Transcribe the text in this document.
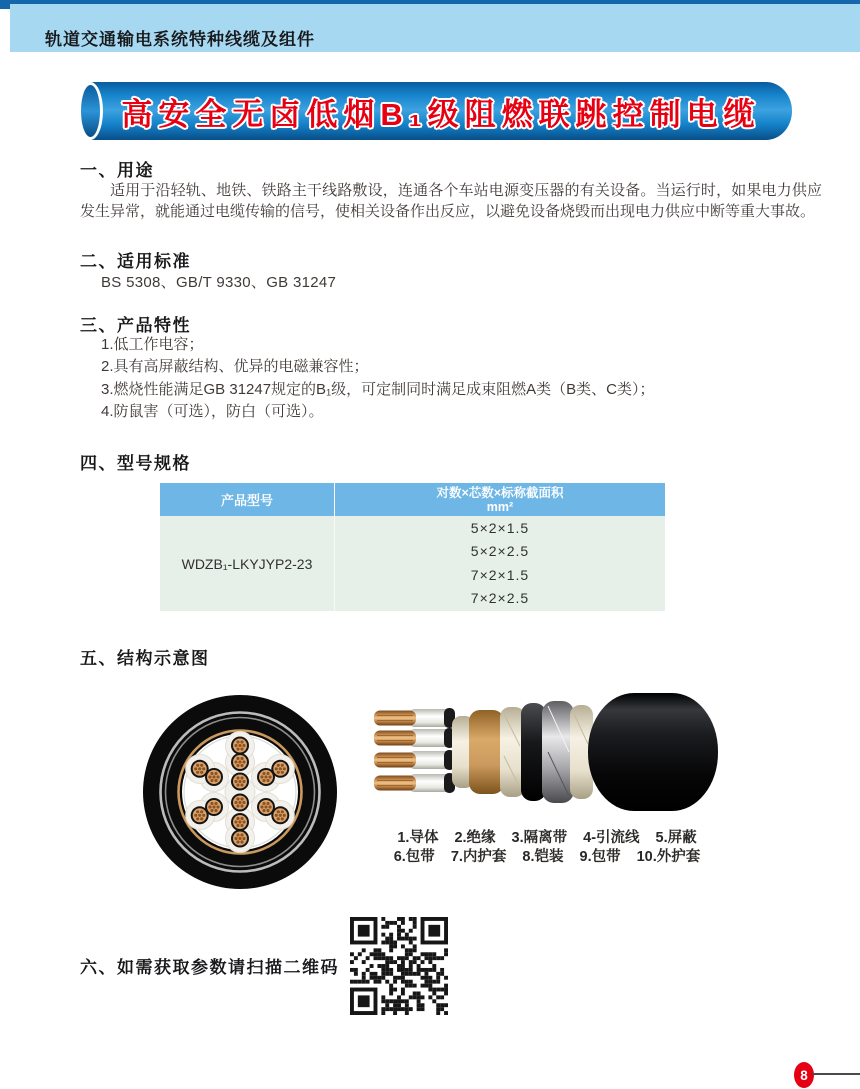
轨道交通输电系统特种线缆及组件
高安全无卤低烟B₁级阻燃联跳控制电缆
一、用途
适用于沿轻轨、地铁、铁路主干线路敷设，连通各个车站电源变压器的有关设备。当运行时，如果电力供应发生异常，就能通过电缆传输的信号，使相关设备作出反应，以避免设备烧毁而出现电力供应中断等重大事故。
二、适用标准
BS 5308、GB/T 9330、GB 31247
三、产品特性
1.低工作电容；
2.具有高屏蔽结构、优异的电磁兼容性；
3.燃烧性能满足GB 31247规定的B₁级，可定制同时满足成束阻燃A类（B类、C类）；
4.防鼠害（可选），防白（可选）。
四、型号规格
产品型号
对数×芯数×标称截面积
mm²
WDZB₁-LKYJYP2-23
5×2×1.5
5×2×2.5
7×2×1.5
7×2×2.5
五、结构示意图
1.导体 2.绝缘 3.隔离带 4-引流线 5.屏蔽
6.包带 7.内护套 8.铠装 9.包带 10.外护套
六、如需获取参数请扫描二维码
8
